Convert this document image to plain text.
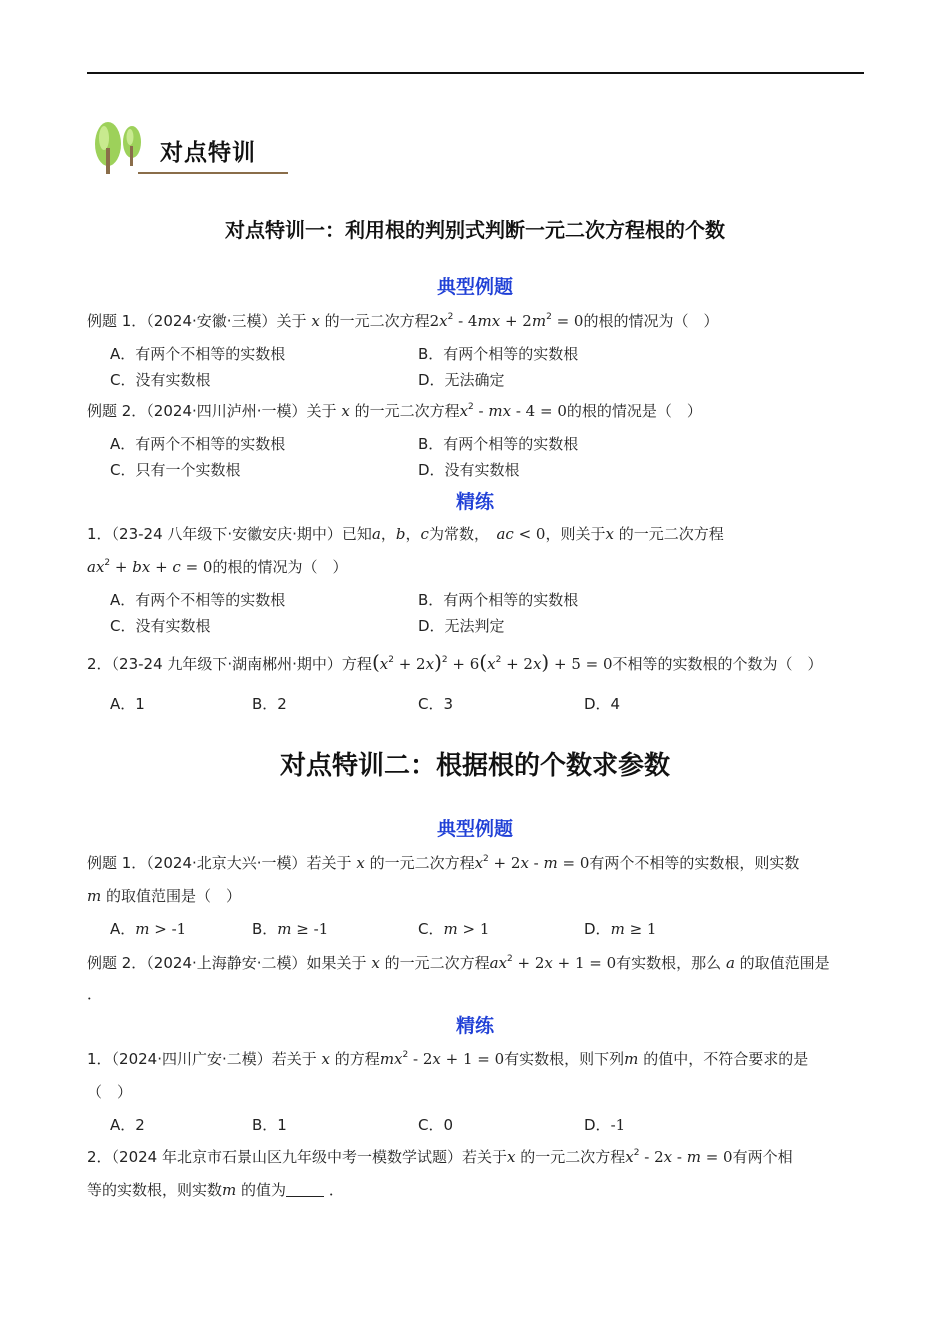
对点特训
对点特训一：利用根的判别式判断一元二次方程根的个数
典型例题
例题 1．（2024·安徽·三模）关于 x 的一元二次方程$2x^2 - 4mx + 2m^2 = 0$的根的情况为（　）
A．有两个不相等的实数根	B．有两个相等的实数根
C．没有实数根	D．无法确定
例题 2．（2024·四川泸州·一模）关于 x 的一元二次方程$x^2$ - mx - 4 = 0的根的情况是（　）
A．有两个不相等的实数根	B．有两个相等的实数根
C．只有一个实数根	D．没有实数根
精练
1．（23-24 八年级下·安徽安庆·期中）已知a，b，c为常数，　 ac < 0，则关于x 的一元二次方程
$ax^2$ + bx + c = 0的根的情况为（　）
A．有两个不相等的实数根	B．有两个相等的实数根
C．没有实数根	D．无法判定
2．（23-24 九年级下·湖南郴州·期中）方程$(x^2 + 2x)^2 + 6(x^2 + 2x) + 5 = 0$不相等的实数根的个数为（　）
A．1	B．2	C．3	D．4
对点特训二：根据根的个数求参数
典型例题
例题 1．（2024·北京大兴·一模）若关于 x 的一元二次方程$x^2 + 2x - m = 0$有两个不相等的实数根，则实数
m 的取值范围是（　）
A．m > -1	B．m ≥ -1	C．m > 1	D．m ≥ 1
例题 2．（2024·上海静安·二模）如果关于 x 的一元二次方程$ax^2 + 2x + 1 = 0$有实数根，那么 a 的取值范围是
．
精练
1．（2024·四川广安·二模）若关于 x 的方程$mx^2 - 2x + 1 = 0$有实数根，则下列m 的值中，不符合要求的是
（　）
A．2	B．1	C．0	D．-1
2．（2024 年北京市石景山区九年级中考一模数学试题）若关于x 的一元二次方程$x^2 - 2x - m = 0$有两个相
等的实数根，则实数m 的值为	．
